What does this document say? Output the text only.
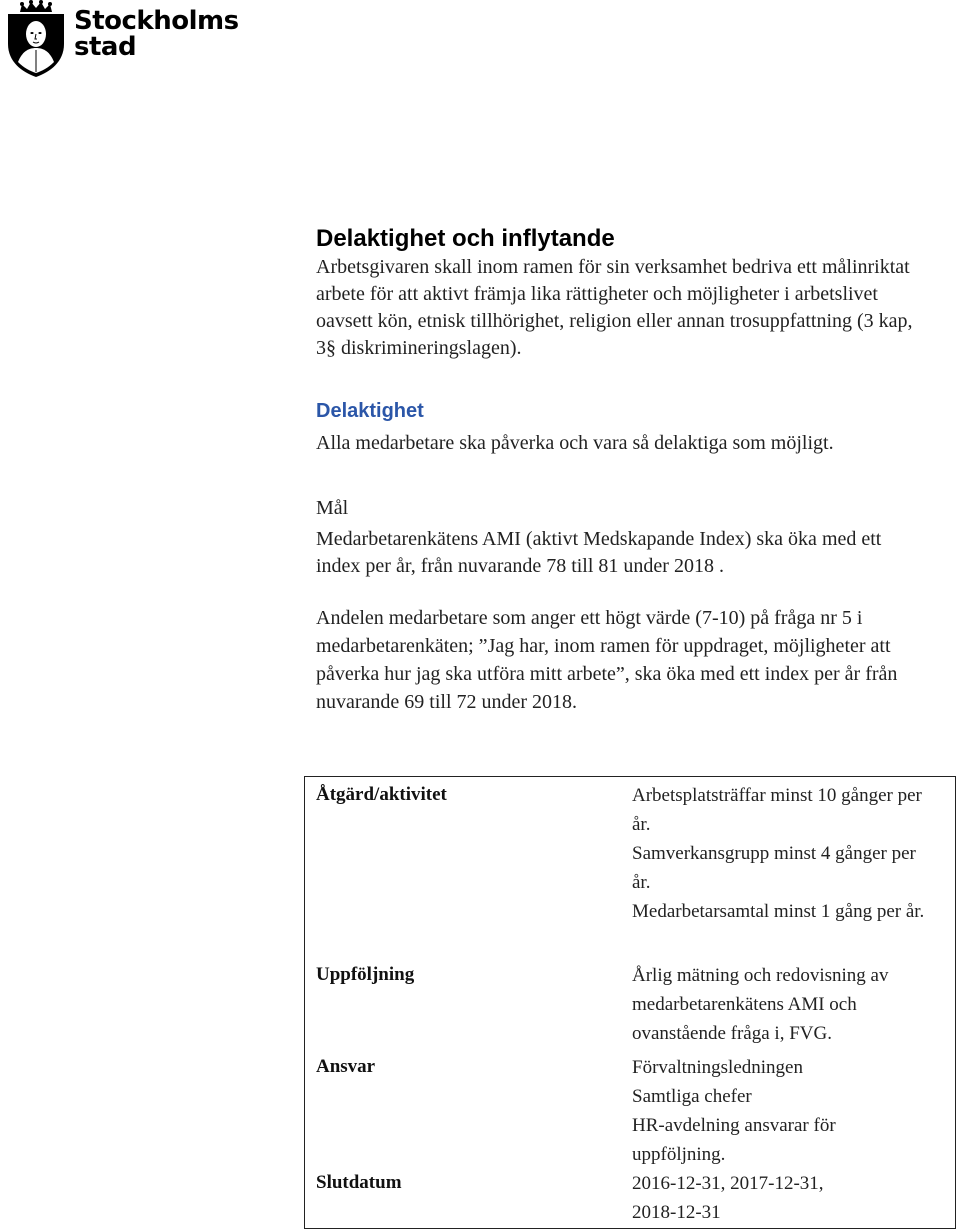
Stockholms
stad
Delaktighet och inflytande

Arbetsgivaren skall inom ramen för sin verksamhet bedriva ett målinriktat arbete för att aktivt främja lika rättigheter och möjligheter i arbetslivet oavsett kön, etnisk tillhörighet, religion eller annan trosuppfattning (3 kap, 3§ diskrimineringslagen).

Delaktighet

Alla medarbetare ska påverka och vara så delaktiga som möjligt.

Mål

Medarbetarenkätens AMI (aktivt Medskapande Index) ska öka med ett index per år, från nuvarande 78 till 81 under 2018 .

Andelen medarbetare som anger ett högt värde (7-10) på fråga nr 5 i medarbetarenkäten; ”Jag har, inom ramen för uppdraget, möjligheter att påverka hur jag ska utföra mitt arbete”, ska öka med ett index per år från nuvarande 69 till 72 under 2018.

Åtgärd/aktivitet	Arbetsplatsträffar minst 10 gånger per år.
Samverkansgrupp minst 4 gånger per år.
Medarbetarsamtal minst 1 gång per år.
Uppföljning	Årlig mätning och redovisning av medarbetarenkätens AMI och ovanstående fråga i, FVG.
Ansvar	Förvaltningsledningen
Samtliga chefer
HR-avdelning ansvarar för uppföljning.
Slutdatum	2016-12-31, 2017-12-31, 2018-12-31
